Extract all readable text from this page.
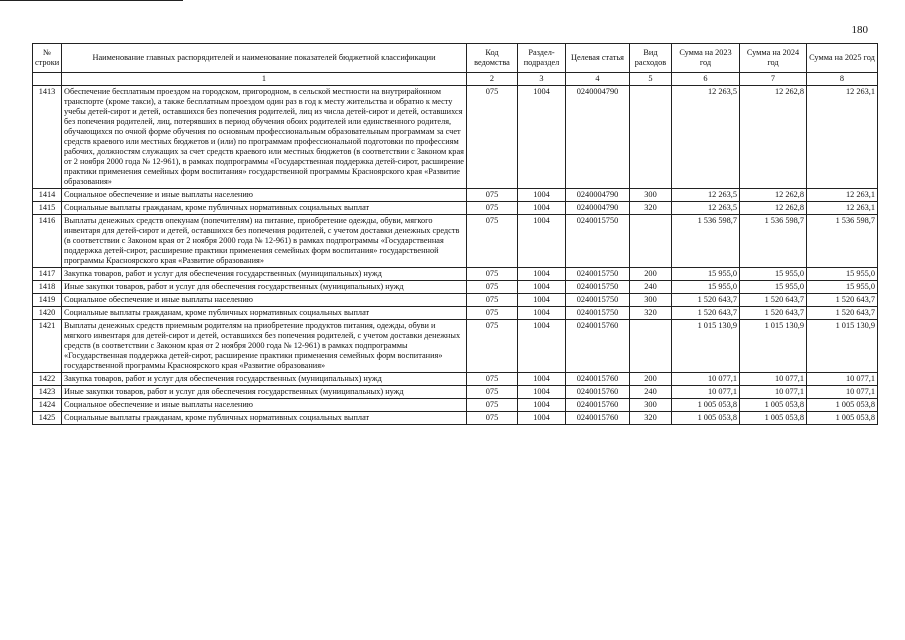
180
№ строки	Наименование главных распорядителей и наименование показателей бюджетной классификации	Код ведомства	Раздел-подраздел	Целевая статья	Вид расходов	Сумма на 2023 год	Сумма на 2024 год	Сумма на 2025 год
	1	2	3	4	5	6	7	8
1413	Обеспечение бесплатным проездом на городском, пригородном, в сельской местности на внутрирайонном транспорте (кроме такси), а также бесплатным проездом один раз в год к месту жительства и обратно к месту учебы детей-сирот и детей, оставшихся без попечения родителей, лиц из числа детей-сирот и детей, оставшихся без попечения родителей, лиц, потерявших в период обучения обоих родителей или единственного родителя, обучающихся по очной форме обучения по основным профессиональным образовательным программам за счет средств краевого или местных бюджетов и (или) по программам профессиональной подготовки по профессиям рабочих, должностям служащих за счет средств краевого или местных бюджетов (в соответствии с Законом края от 2 ноября 2000 года № 12-961), в рамках подпрограммы «Государственная поддержка детей-сирот, расширение практики применения семейных форм воспитания» государственной программы Красноярского края «Развитие образования»	075	1004	0240004790		12 263,5	12 262,8	12 263,1
1414	Социальное обеспечение и иные выплаты населению	075	1004	0240004790	300	12 263,5	12 262,8	12 263,1
1415	Социальные выплаты гражданам, кроме публичных нормативных социальных выплат	075	1004	0240004790	320	12 263,5	12 262,8	12 263,1
1416	Выплаты денежных средств опекунам (попечителям) на питание, приобретение одежды, обуви, мягкого инвентаря для детей-сирот и детей, оставшихся без попечения родителей, с учетом доставки денежных средств (в соответствии с Законом края от 2 ноября 2000 года № 12-961) в рамках подпрограммы «Государственная поддержка детей-сирот, расширение практики применения семейных форм воспитания» государственной программы Красноярского края «Развитие образования»	075	1004	0240015750		1 536 598,7	1 536 598,7	1 536 598,7
1417	Закупка товаров, работ и услуг для обеспечения государственных (муниципальных) нужд	075	1004	0240015750	200	15 955,0	15 955,0	15 955,0
1418	Иные закупки товаров, работ и услуг для обеспечения государственных (муниципальных) нужд	075	1004	0240015750	240	15 955,0	15 955,0	15 955,0
1419	Социальное обеспечение и иные выплаты населению	075	1004	0240015750	300	1 520 643,7	1 520 643,7	1 520 643,7
1420	Социальные выплаты гражданам, кроме публичных нормативных социальных выплат	075	1004	0240015750	320	1 520 643,7	1 520 643,7	1 520 643,7
1421	Выплаты денежных средств приемным родителям на приобретение продуктов питания, одежды, обуви и мягкого инвентаря для детей-сирот и детей, оставшихся без попечения родителей, с учетом доставки денежных средств (в соответствии с Законом края от 2 ноября 2000 года № 12-961) в рамках подпрограммы «Государственная поддержка детей-сирот, расширение практики применения семейных форм воспитания» государственной программы Красноярского края «Развитие образования»	075	1004	0240015760		1 015 130,9	1 015 130,9	1 015 130,9
1422	Закупка товаров, работ и услуг для обеспечения государственных (муниципальных) нужд	075	1004	0240015760	200	10 077,1	10 077,1	10 077,1
1423	Иные закупки товаров, работ и услуг для обеспечения государственных (муниципальных) нужд	075	1004	0240015760	240	10 077,1	10 077,1	10 077,1
1424	Социальное обеспечение и иные выплаты населению	075	1004	0240015760	300	1 005 053,8	1 005 053,8	1 005 053,8
1425	Социальные выплаты гражданам, кроме публичных нормативных социальных выплат	075	1004	0240015760	320	1 005 053,8	1 005 053,8	1 005 053,8
